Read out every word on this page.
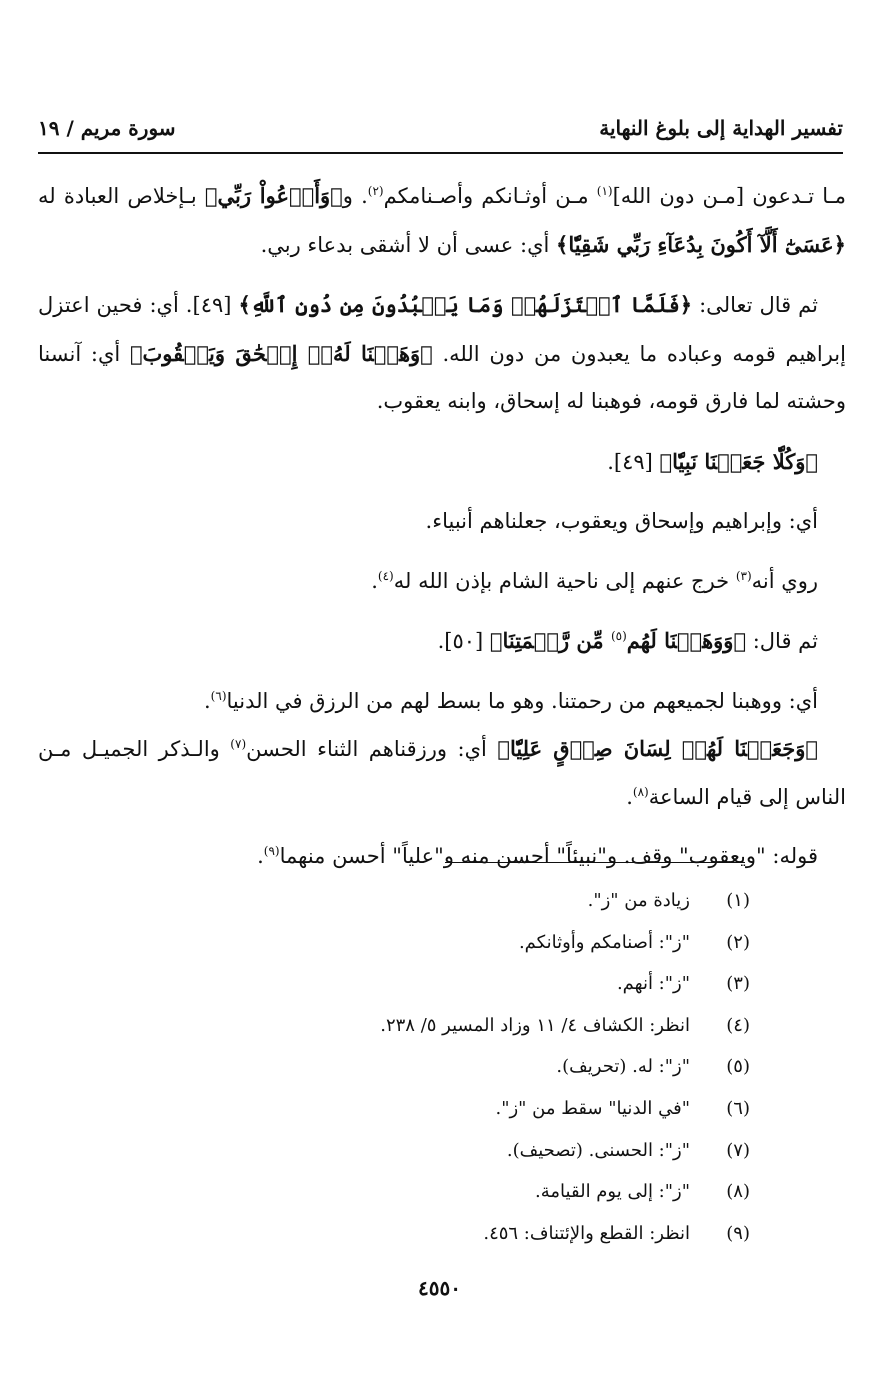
تفسير الهداية إلى بلوغ النهاية
سورة مريم / ١٩

مـا تـدعون [مـن دون الله]$^{(١)}$ مـن أوثـانكم وأصـنامكم$^{(٢)}$. و﴿وَأَدۡعُواْ رَبِّي﴾ بـإخلاص العبادة له ﴿عَسَىٰٓ أَلَّآ أَكُونَ بِدُعَآءِ رَبِّي شَقِيّٗا﴾ أي: عسى أن لا أشقى بدعاء ربي.

ثم قال تعالى: ﴿فَلَمَّا ٱعۡتَزَلَهُمۡ وَمَا يَعۡبُدُونَ مِن دُونِ ٱللَّهِ﴾ [٤٩]. أي: فحين اعتزل إبراهيم قومه وعباده ما يعبدون من دون الله. ﴿وَهَبۡنَا لَهُۥٓ إِسۡحَٰقَ وَيَعۡقُوبَ﴾ أي: آنسنا وحشته لما فارق قومه، فوهبنا له إسحاق، وابنه يعقوب.

﴿وَكُلّٗا جَعَلۡنَا نَبِيّٗا﴾ [٤٩].

أي: وإبراهيم وإسحاق ويعقوب، جعلناهم أنبياء.

روي أنه$^{(٣)}$ خرج عنهم إلى ناحية الشام بإذن الله له$^{(٤)}$.

ثم قال: ﴿وَوَهَبۡنَا لَهُم$^{(٥)}$ مِّن رَّحۡمَتِنَا﴾ [٥٠].

أي: ووهبنا لجميعهم من رحمتنا. وهو ما بسط لهم من الرزق في الدنيا$^{(٦)}$.

﴿وَجَعَلۡنَا لَهُمۡ لِسَانَ صِدۡقٍ عَلِيّٗا﴾ أي: ورزقناهم الثناء الحسن$^{(٧)}$ والـذكر الجميـل مـن الناس إلى قيام الساعة$^{(٨)}$.

قوله: "ويعقوب" وقف. و"نبيئاً" أحسن منه و"علياً" أحسن منهما$^{(٩)}$.

(١)زيادة من "ز".
(٢)"ز": أصنامكم وأوثانكم.
(٣)"ز": أنهم.
(٤)انظر: الكشاف ٤/ ١١ وزاد المسير ٥/ ٢٣٨.
(٥)"ز": له. (تحريف).
(٦)"في الدنيا" سقط من "ز".
(٧)"ز": الحسنى. (تصحيف).
(٨)"ز": إلى يوم القيامة.
(٩)انظر: القطع والإئتناف: ٤٥٦.
٤٥٥٠
